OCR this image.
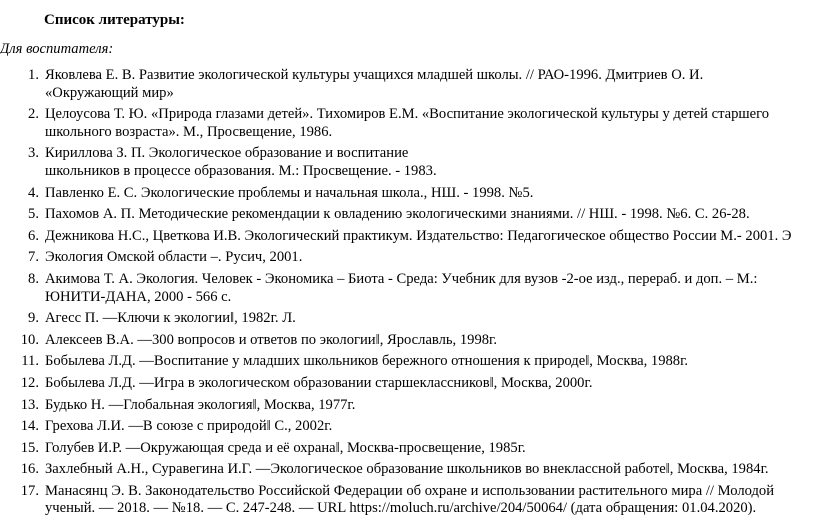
Список литературы:
Для воспитателя:
1. Яковлева Е. В. Развитие экологической культуры учащихся младшей школы. // РАО-1996. Дмитриев О. И. «Окружающий мир»
2. Целоусова Т. Ю. «Природа глазами детей». Тихомиров Е.М. «Воспитание экологической культуры у детей старшего школьного возраста». М., Просвещение, 1986.
3. Кириллова З. П. Экологическое образование и воспитание
школьников в процессе образования. М.: Просвещение. - 1983.
4. Павленко Е. С. Экологические проблемы и начальная школа., НШ. - 1998. №5.
5. Пахомов А. П. Методические рекомендации к овладению экологическими знаниями. // НШ. - 1998. №6. С. 26-28.
6. Дежникова Н.С., Цветкова И.В. Экологический практикум. Издательство: Педагогическое общество России М.- 2001. Э
7. Экология Омской области –. Русич, 2001.
8. Акимова Т. А. Экология. Человек - Экономика – Биота - Среда: Учебник для вузов -2-ое изд., перераб. и доп. – М.: ЮНИТИ-ДАНА, 2000 - 566 с.
9. Агесс П. ―Ключи к экологии‖, 1982г. Л.
10. Алексеев В.А. ―300 вопросов и ответов по экологии‖, Ярославль, 1998г.
11. Бобылева Л.Д. ―Воспитание у младших школьников бережного отношения к природе‖, Москва, 1988г.
12. Бобылева Л.Д. ―Игра в экологическом образовании старшеклассников‖, Москва, 2000г.
13. Будько Н. ―Глобальная экология‖, Москва, 1977г.
14. Грехова Л.И. ―В союзе с природой‖ С., 2002г.
15. Голубев И.Р. ―Окружающая среда и её охрана‖, Москва-просвещение, 1985г.
16. Захлебный А.Н., Суравегина И.Г. ―Экологическое образование школьников во внеклассной работе‖, Москва, 1984г.
17. Манасянц Э. В. Законодательство Российской Федерации об охране и использовании растительного мира // Молодой ученый. — 2018. — №18. — С. 247-248. — URL https://moluch.ru/archive/204/50064/ (дата обращения: 01.04.2020).
